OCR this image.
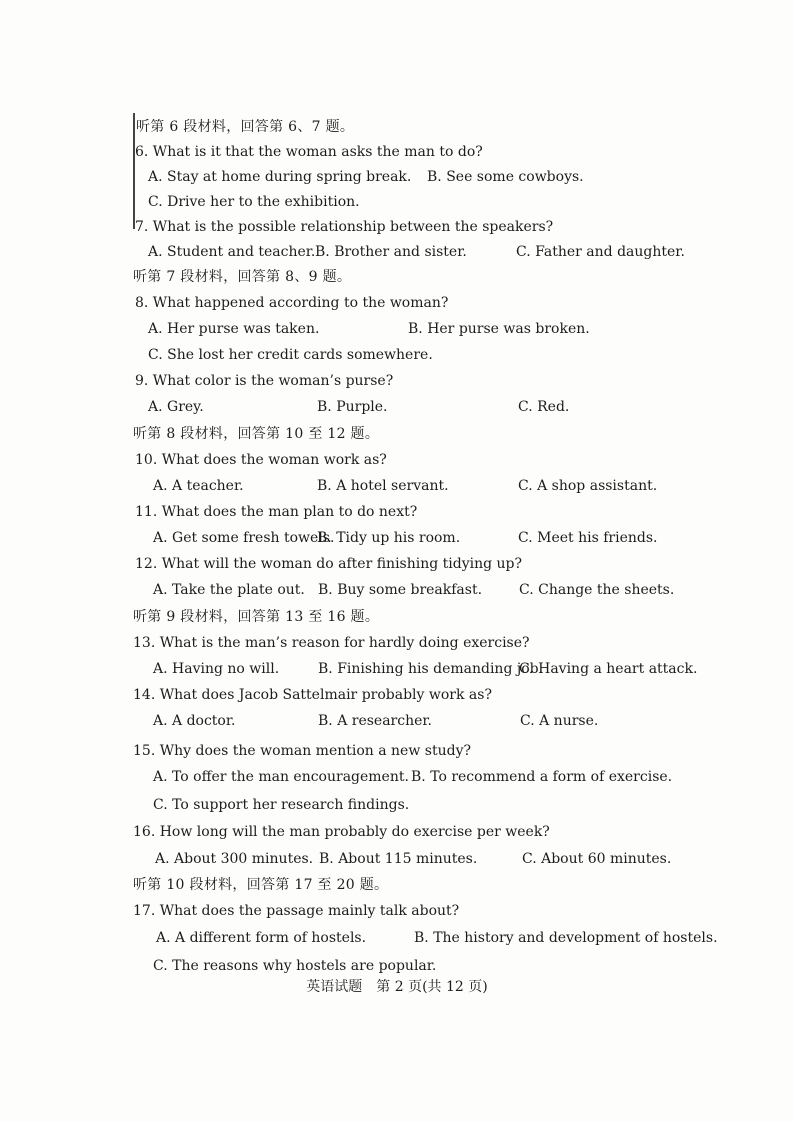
听第 6 段材料，回答第 6、7 题。
6. What is it that the woman asks the man to do?
A. Stay at home during spring break. B. See some cowboys.
C. Drive her to the exhibition.
7. What is the possible relationship between the speakers?
A. Student and teacher. B. Brother and sister.	C. Father and daughter.
听第 7 段材料，回答第 8、9 题。
8. What happened according to the woman?
A. Her purse was taken.	B. Her purse was broken.
C. She lost her credit cards somewhere.
9. What color is the woman’s purse?
A. Grey.	B. Purple.	C. Red.
听第 8 段材料，回答第 10 至 12 题。
10. What does the woman work as?
A. A teacher.	B. A hotel servant.	C. A shop assistant.
11. What does the man plan to do next?
A. Get some fresh towels.
B. Tidy up his room.	C. Meet his friends.
12. What will the woman do after finishing tidying up?
A. Take the plate out. B. Buy some breakfast.	C. Change the sheets.
听第 9 段材料，回答第 13 至 16 题。
13. What is the man’s reason for hardly doing exercise?
A. Having no will.	B. Finishing his demanding job.
C. Having a heart attack.
14. What does Jacob Sattelmair probably work as?
A. A doctor.	B. A researcher.	C. A nurse.
15. Why does the woman mention a new study?
A. To offer the man encouragement. B. To recommend a form of exercise.
C. To support her research findings.
16. How long will the man probably do exercise per week?
A. About 300 minutes. B. About 115 minutes.	C. About 60 minutes.
听第 10 段材料，回答第 17 至 20 题。
17. What does the passage mainly talk about?
A. A different form of hostels.	B. The history and development of hostels.
C. The reasons why hostels are popular.
英语试题　第 2 页(共 12 页)
